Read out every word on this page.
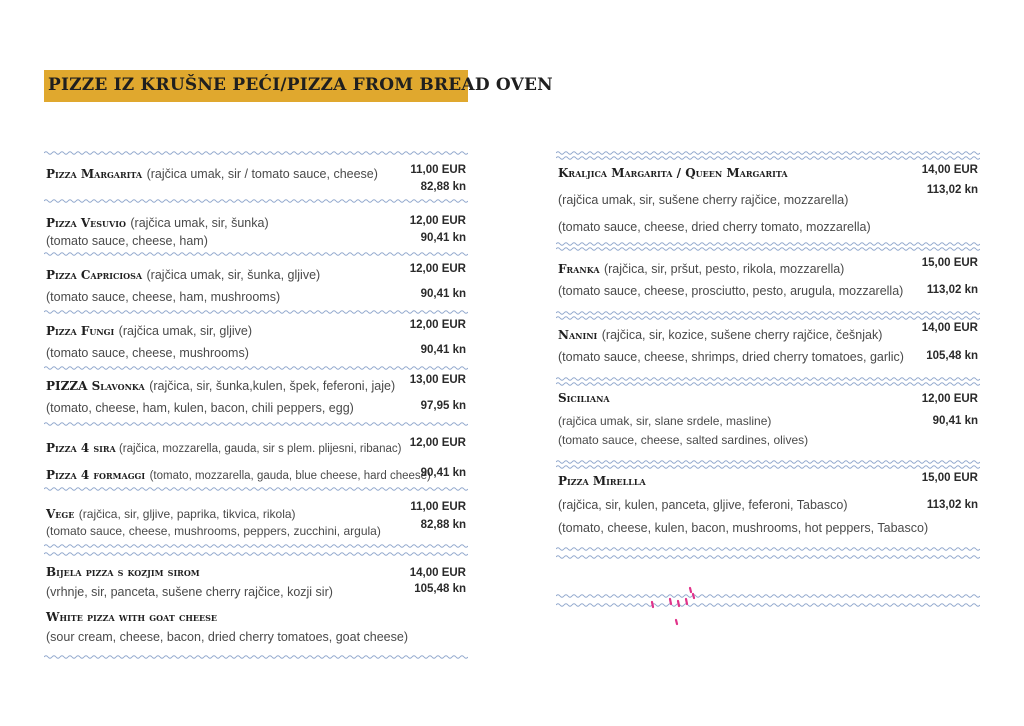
PIZZE IZ KRUŠNE PEĆI/PIZZA FROM BREAD OVEN
Pizza Margarita (rajčica umak, sir / tomato sauce, cheese)	11,00 EUR
82,88 kn
Pizza Vesuvio (rajčica umak, sir, šunka)
(tomato sauce, cheese, ham)
12,00 EUR
90,41 kn
Pizza Capriciosa (rajčica umak, sir, šunka, gljive)
(tomato sauce, cheese, ham, mushrooms)
12,00 EUR
90,41 kn
Pizza Fungi (rajčica umak, sir, gljive)
(tomato sauce, cheese, mushrooms)
12,00 EUR
90,41 kn
PIZZA Slavonka (rajčica, sir, šunka,kulen, špek, feferoni, jaje)
(tomato, cheese, ham, kulen, bacon, chili peppers, egg)
13,00 EUR
97,95 kn
Pizza 4 sira (rajčica, mozzarella, gauda, sir s plem. plijesni, ribanac)
Pizza 4 formaggi (tomato, mozzarella, gauda, blue cheese, hard cheese)
12,00 EUR
90,41 kn
Vege (rajčica, sir, gljive, paprika, tikvica, rikola)
(tomato sauce, cheese, mushrooms, peppers, zucchini, argula)
11,00 EUR
82,88 kn
Bijela pizza s kozjim sirom
(vrhnje, sir, panceta, sušene cherry rajčice, kozji sir)
White pizza with goat cheese
(sour cream, cheese, bacon, dried cherry tomatoes, goat cheese)
14,00 EUR
105,48 kn
Kraljica Margarita / Queen Margarita
(rajčica umak, sir, sušene cherry rajčice, mozzarella)
(tomato sauce, cheese, dried cherry tomato, mozzarella)
14,00 EUR
113,02 kn
Franka (rajčica, sir, pršut, pesto, rikola, mozzarella)
(tomato sauce, cheese, prosciutto, pesto, arugula, mozzarella)
15,00 EUR
113,02 kn
Nanini (rajčica, sir, kozice, sušene cherry rajčice, češnjak)
(tomato sauce, cheese, shrimps, dried cherry tomatoes, garlic)
14,00 EUR
105,48 kn
Siciliana
(rajčica umak, sir, slane srdele, masline)
(tomato sauce, cheese, salted sardines, olives)
12,00 EUR
90,41 kn
Pizza Mirellla
(rajčica, sir, kulen, panceta, gljive, feferoni, Tabasco)
(tomato, cheese, kulen, bacon, mushrooms, hot peppers, Tabasco)
15,00 EUR
113,02 kn
